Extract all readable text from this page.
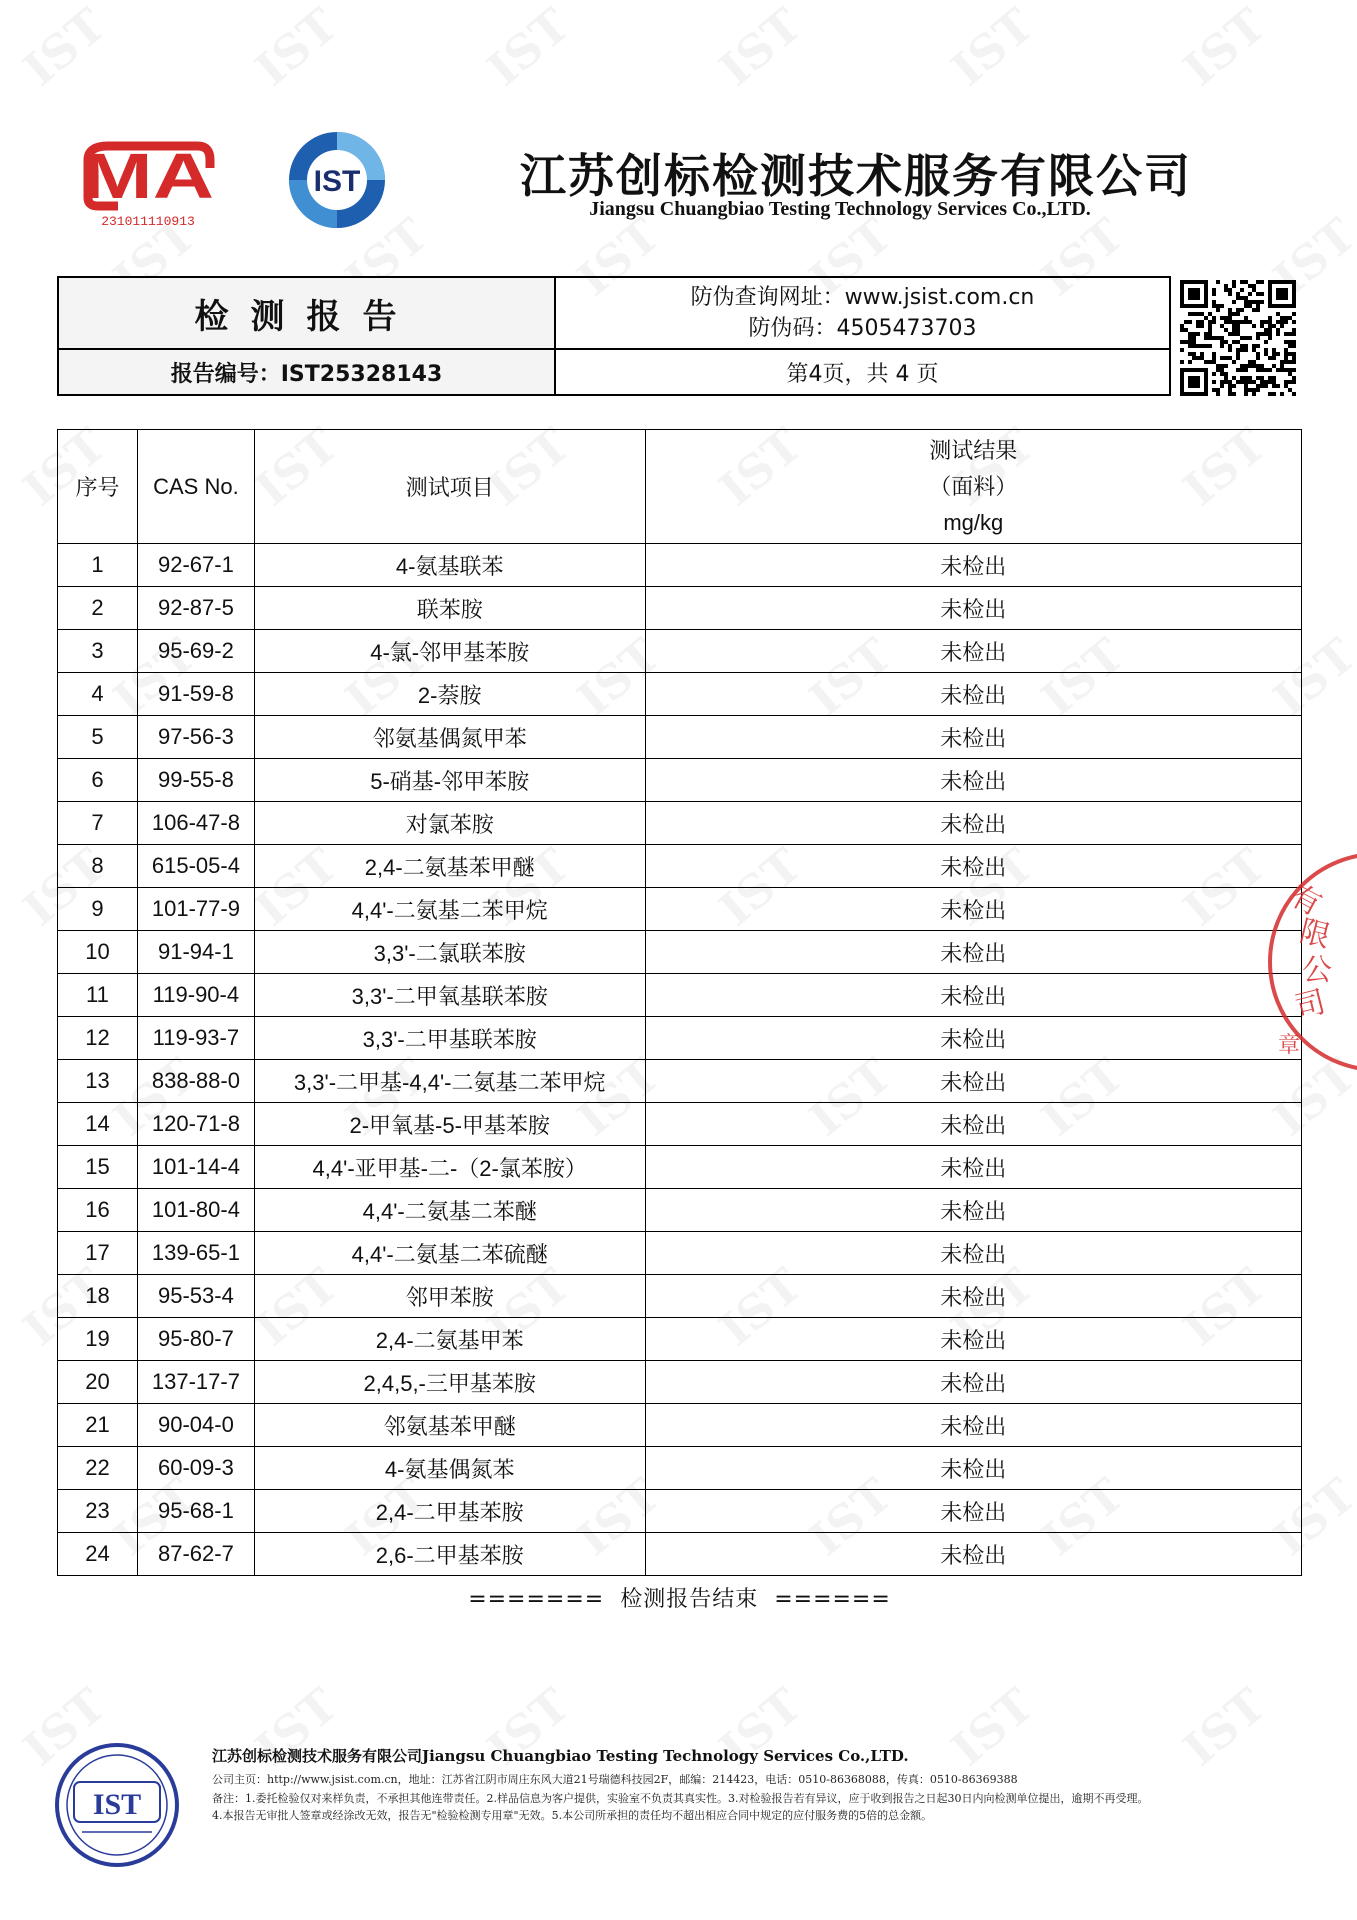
MA
231011110913
IST	江苏创标检测技术服务有限公司
Jiangsu Chuangbiao Testing Technology Services Co.,LTD.
检测报告	防伪查询网址：www.jsist.com.cn
防伪码：4505473703
报告编号：IST25328143	第4页，共 4 页
序号	CAS No.	测试项目	测试结果
（面料）
mg/kg

1	92-67-1	4-氨基联苯	未检出
2	92-87-5	联苯胺	未检出
3	95-69-2	4-氯-邻甲基苯胺	未检出
4	91-59-8	2-萘胺	未检出
5	97-56-3	邻氨基偶氮甲苯	未检出
6	99-55-8	5-硝基-邻甲苯胺	未检出
7	106-47-8	对氯苯胺	未检出
8	615-05-4	2,4-二氨基苯甲醚	未检出
9	101-77-9	4,4'-二氨基二苯甲烷	未检出
10	91-94-1	3,3'-二氯联苯胺	未检出
11	119-90-4	3,3'-二甲氧基联苯胺	未检出
12	119-93-7	3,3'-二甲基联苯胺	未检出
13	838-88-0	3,3'-二甲基-4,4'-二氨基二苯甲烷	未检出
14	120-71-8	2-甲氧基-5-甲基苯胺	未检出
15	101-14-4	4,4'-亚甲基-二-（2-氯苯胺）	未检出
16	101-80-4	4,4'-二氨基二苯醚	未检出
17	139-65-1	4,4'-二氨基二苯硫醚	未检出
18	95-53-4	邻甲苯胺	未检出
19	95-80-7	2,4-二氨基甲苯	未检出
20	137-17-7	2,4,5,-三甲基苯胺	未检出
21	90-04-0	邻氨基苯甲醚	未检出
22	60-09-3	4-氨基偶氮苯	未检出
23	95-68-1	2,4-二甲基苯胺	未检出
24	87-62-7	2,6-二甲基苯胺	未检出
=======  检测报告结束  ======
有
限
公
司
章
IST
江苏创标检测技术服务有限公司Jiangsu Chuangbiao Testing Technology Services Co.,LTD.
公司主页：http://www.jsist.com.cn，地址：江苏省江阴市周庄东风大道21号瑞德科技园2F，邮编：214423，电话：0510-86368088，传真：0510-86369388
备注：1.委托检验仅对来样负责，不承担其他连带责任。2.样品信息为客户提供，实验室不负责其真实性。3.对检验报告若有异议，应于收到报告之日起30日内向检测单位提出，逾期不再受理。
4.本报告无审批人签章或经涂改无效，报告无"检验检测专用章"无效。5.本公司所承担的责任均不超出相应合同中规定的应付服务费的5倍的总金额。
